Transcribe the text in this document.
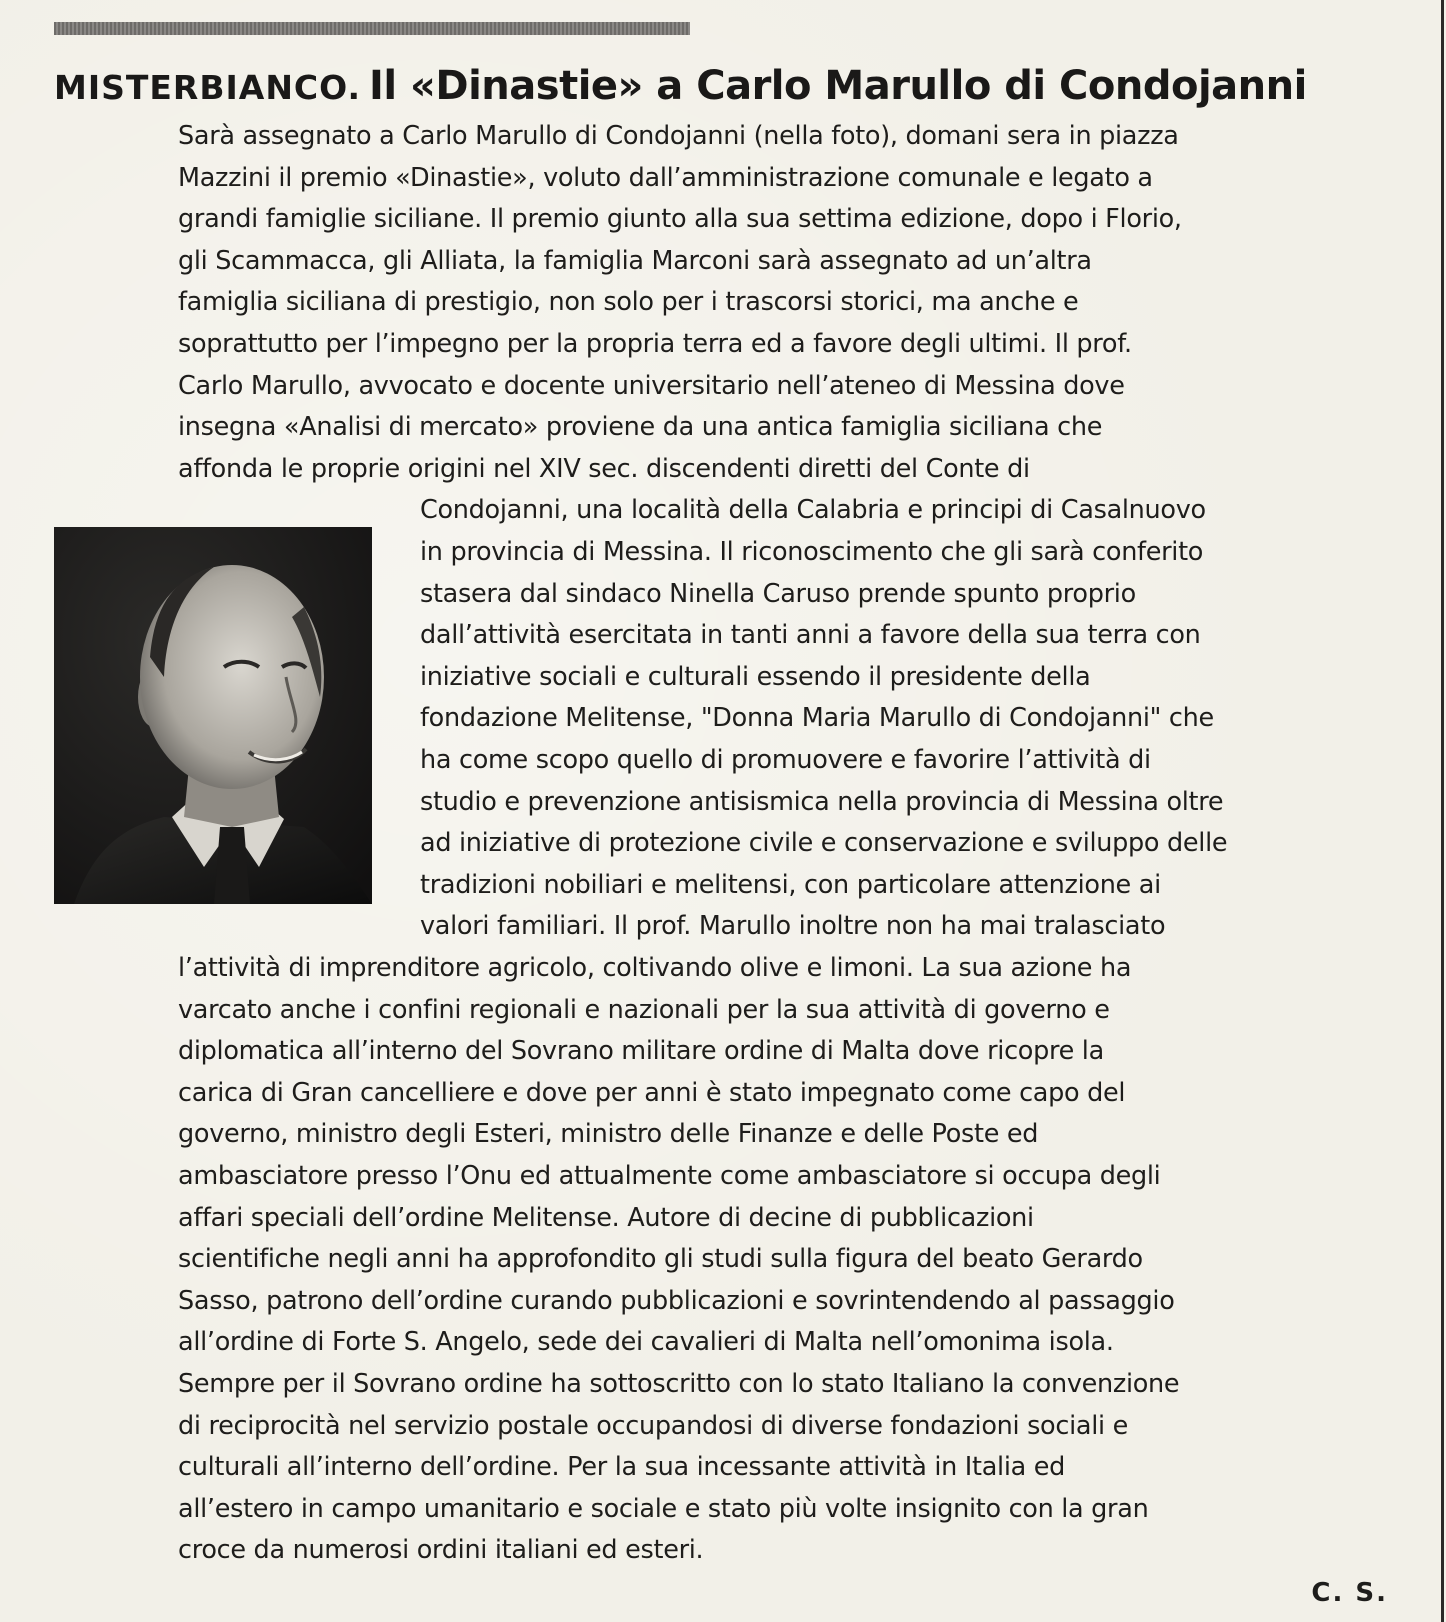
MISTERBIANCO. Il «Dinastie» a Carlo Marullo di Condojanni
Sarà assegnato a Carlo Marullo di Condojanni (nella foto), domani sera in piazza
Mazzini il premio «Dinastie», voluto dall’amministrazione comunale e legato a
grandi famiglie siciliane. Il premio giunto alla sua settima edizione, dopo i Florio,
gli Scammacca, gli Alliata, la famiglia Marconi sarà assegnato ad un’altra
famiglia siciliana di prestigio, non solo per i trascorsi storici, ma anche e
soprattutto per l’impegno per la propria terra ed a favore degli ultimi. Il prof.
Carlo Marullo, avvocato e docente universitario nell’ateneo di Messina dove
insegna «Analisi di mercato» proviene da una antica famiglia siciliana che
affonda le proprie origini nel XIV sec. discendenti diretti del Conte di
Condojanni, una località della Calabria e principi di Casalnuovo
in provincia di Messina. Il riconoscimento che gli sarà conferito
stasera dal sindaco Ninella Caruso prende spunto proprio
dall’attività esercitata in tanti anni a favore della sua terra con
iniziative sociali e culturali essendo il presidente della
fondazione Melitense, "Donna Maria Marullo di Condojanni" che
ha come scopo quello di promuovere e favorire l’attività di
studio e prevenzione antisismica nella provincia di Messina oltre
ad iniziative di protezione civile e conservazione e sviluppo delle
tradizioni nobiliari e melitensi, con particolare attenzione ai
valori familiari. Il prof. Marullo inoltre non ha mai tralasciato
l’attività di imprenditore agricolo, coltivando olive e limoni. La sua azione ha
varcato anche i confini regionali e nazionali per la sua attività di governo e
diplomatica all’interno del Sovrano militare ordine di Malta dove ricopre la
carica di Gran cancelliere e dove per anni è stato impegnato come capo del
governo, ministro degli Esteri, ministro delle Finanze e delle Poste ed
ambasciatore presso l’Onu ed attualmente come ambasciatore si occupa degli
affari speciali dell’ordine Melitense. Autore di decine di pubblicazioni
scientifiche negli anni ha approfondito gli studi sulla figura del beato Gerardo
Sasso, patrono dell’ordine curando pubblicazioni e sovrintendendo al passaggio
all’ordine di Forte S. Angelo, sede dei cavalieri di Malta nell’omonima isola.
Sempre per il Sovrano ordine ha sottoscritto con lo stato Italiano la convenzione
di reciprocità nel servizio postale occupandosi di diverse fondazioni sociali e
culturali all’interno dell’ordine. Per la sua incessante attività in Italia ed
all’estero in campo umanitario e sociale e stato più volte insignito con la gran
croce da numerosi ordini italiani ed esteri.
C. S.
